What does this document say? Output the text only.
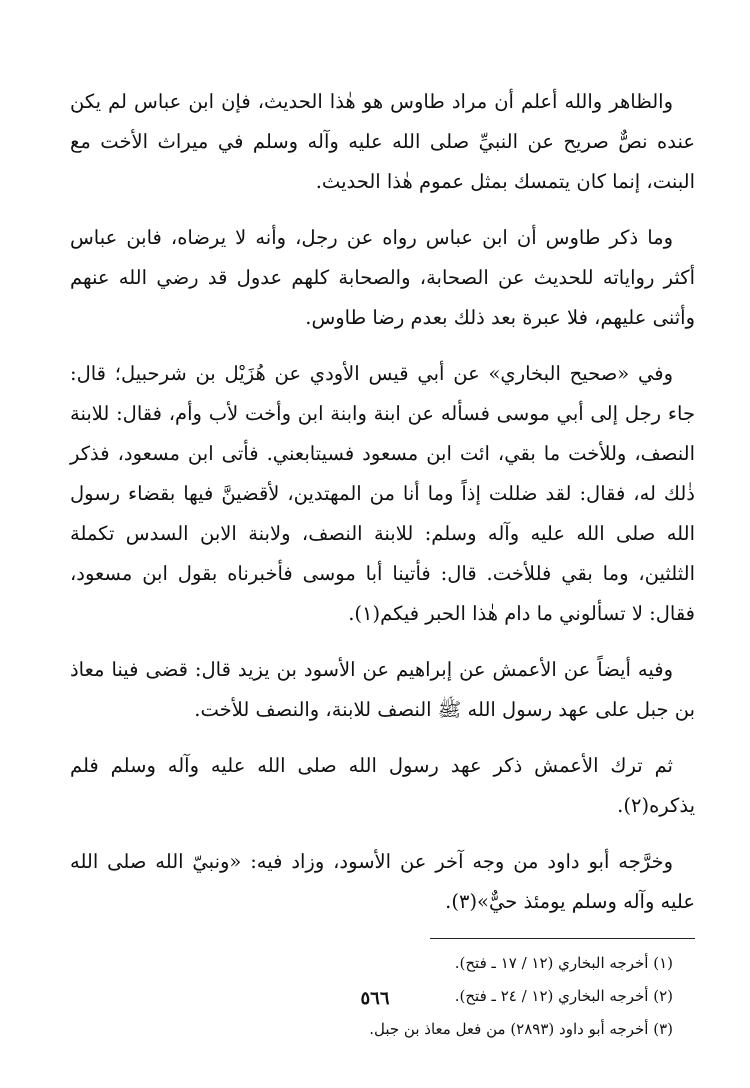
والظاهر والله أعلم أن مراد طاوس هو هٰذا الحديث، فإن ابن عباس لم يكن عنده نصٌّ صريح عن النبيِّ صلى الله عليه وآله وسلم في ميراث الأخت مع البنت، إنما كان يتمسك بمثل عموم هٰذا الحديث.

وما ذكر طاوس أن ابن عباس رواه عن رجل، وأنه لا يرضاه، فابن عباس أكثر رواياته للحديث عن الصحابة، والصحابة كلهم عدول قد رضي الله عنهم وأثنى عليهم، فلا عبرة بعد ذلك بعدم رضا طاوس.

وفي «صحيح البخاري» عن أبي قيس الأودي عن هُزَيْل بن شرحبيل؛ قال: جاء رجل إلى أبي موسى فسأله عن ابنة وابنة ابن وأخت لأب وأم، فقال: للابنة النصف، وللأخت ما بقي، ائت ابن مسعود فسيتابعني. فأتى ابن مسعود، فذكر ذٰلك له، فقال: لقد ضللت إذاً وما أنا من المهتدين، لأقضينَّ فيها بقضاء رسول الله صلى الله عليه وآله وسلم: للابنة النصف، ولابنة الابن السدس تكملة الثلثين، وما بقي فللأخت. قال: فأتينا أبا موسى فأخبرناه بقول ابن مسعود، فقال: لا تسألوني ما دام هٰذا الحبر فيكم(١).

وفيه أيضاً عن الأعمش عن إبراهيم عن الأسود بن يزيد قال: قضى فينا معاذ بن جبل على عهد رسول الله ﷺ النصف للابنة، والنصف للأخت.

ثم ترك الأعمش ذكر عهد رسول الله صلى الله عليه وآله وسلم فلم يذكره(٢).

وخرَّجه أبو داود من وجه آخر عن الأسود، وزاد فيه: «ونبيّ الله صلى الله عليه وآله وسلم يومئذ حيٌّ»(٣).

(١) أخرجه البخاري (١٢ / ١٧ ـ فتح).
(٢) أخرجه البخاري (١٢ / ٢٤ ـ فتح).
(٣) أخرجه أبو داود (٢٨٩٣) من فعل معاذ بن جبل.
٥٦٦
